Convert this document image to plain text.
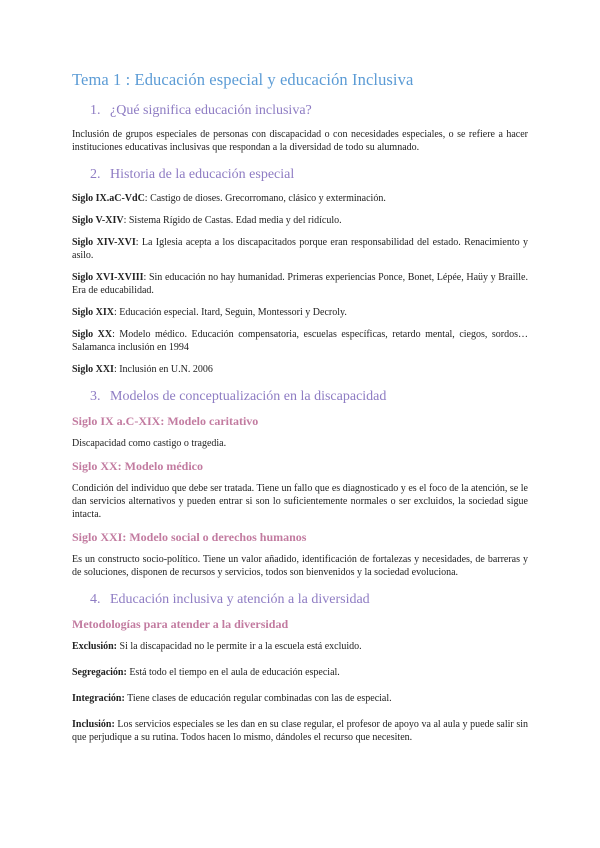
Tema 1 : Educación especial y educación Inclusiva
1. ¿Qué significa educación inclusiva?

Inclusión de grupos especiales de personas con discapacidad o con necesidades especiales, o se refiere a hacer instituciones educativas inclusivas que respondan a la diversidad de todo su alumnado.

2. Historia de la educación especial

Siglo IX.aC-VdC: Castigo de dioses. Grecorromano, clásico y exterminación.

Siglo V-XIV: Sistema Rígido de Castas. Edad media y del ridículo.

Siglo XIV-XVI: La Iglesia acepta a los discapacitados porque eran responsabilidad del estado. Renacimiento y asilo.

Siglo XVI-XVIII: Sin educación no hay humanidad. Primeras experiencias Ponce, Bonet, Lépée, Haüy y Braille. Era de educabilidad.

Siglo XIX: Educación especial. Itard, Seguin, Montessori y Decroly.

Siglo XX: Modelo médico. Educación compensatoria, escuelas específicas, retardo mental, ciegos, sordos… Salamanca inclusión en 1994

Siglo XXI: Inclusión en U.N. 2006

3. Modelos de conceptualización en la discapacidad
Siglo IX a.C-XIX: Modelo caritativo

Discapacidad como castigo o tragedia.

Siglo XX: Modelo médico

Condición del individuo que debe ser tratada. Tiene un fallo que es diagnosticado y es el foco de la atención, se le dan servicios alternativos y pueden entrar si son lo suficientemente normales o ser excluidos, la sociedad sigue intacta.

Siglo XXI: Modelo social o derechos humanos

Es un constructo socio-político. Tiene un valor añadido, identificación de fortalezas y necesidades, de barreras y de soluciones, disponen de recursos y servicios, todos son bienvenidos y la sociedad evoluciona.

4. Educación inclusiva y atención a la diversidad
Metodologías para atender a la diversidad

Exclusión: Si la discapacidad no le permite ir a la escuela está excluido.

Segregación: Está todo el tiempo en el aula de educación especial.

Integración: Tiene clases de educación regular combinadas con las de especial.

Inclusión: Los servicios especiales se les dan en su clase regular, el profesor de apoyo va al aula y puede salir sin que perjudique a su rutina. Todos hacen lo mismo, dándoles el recurso que necesiten.
